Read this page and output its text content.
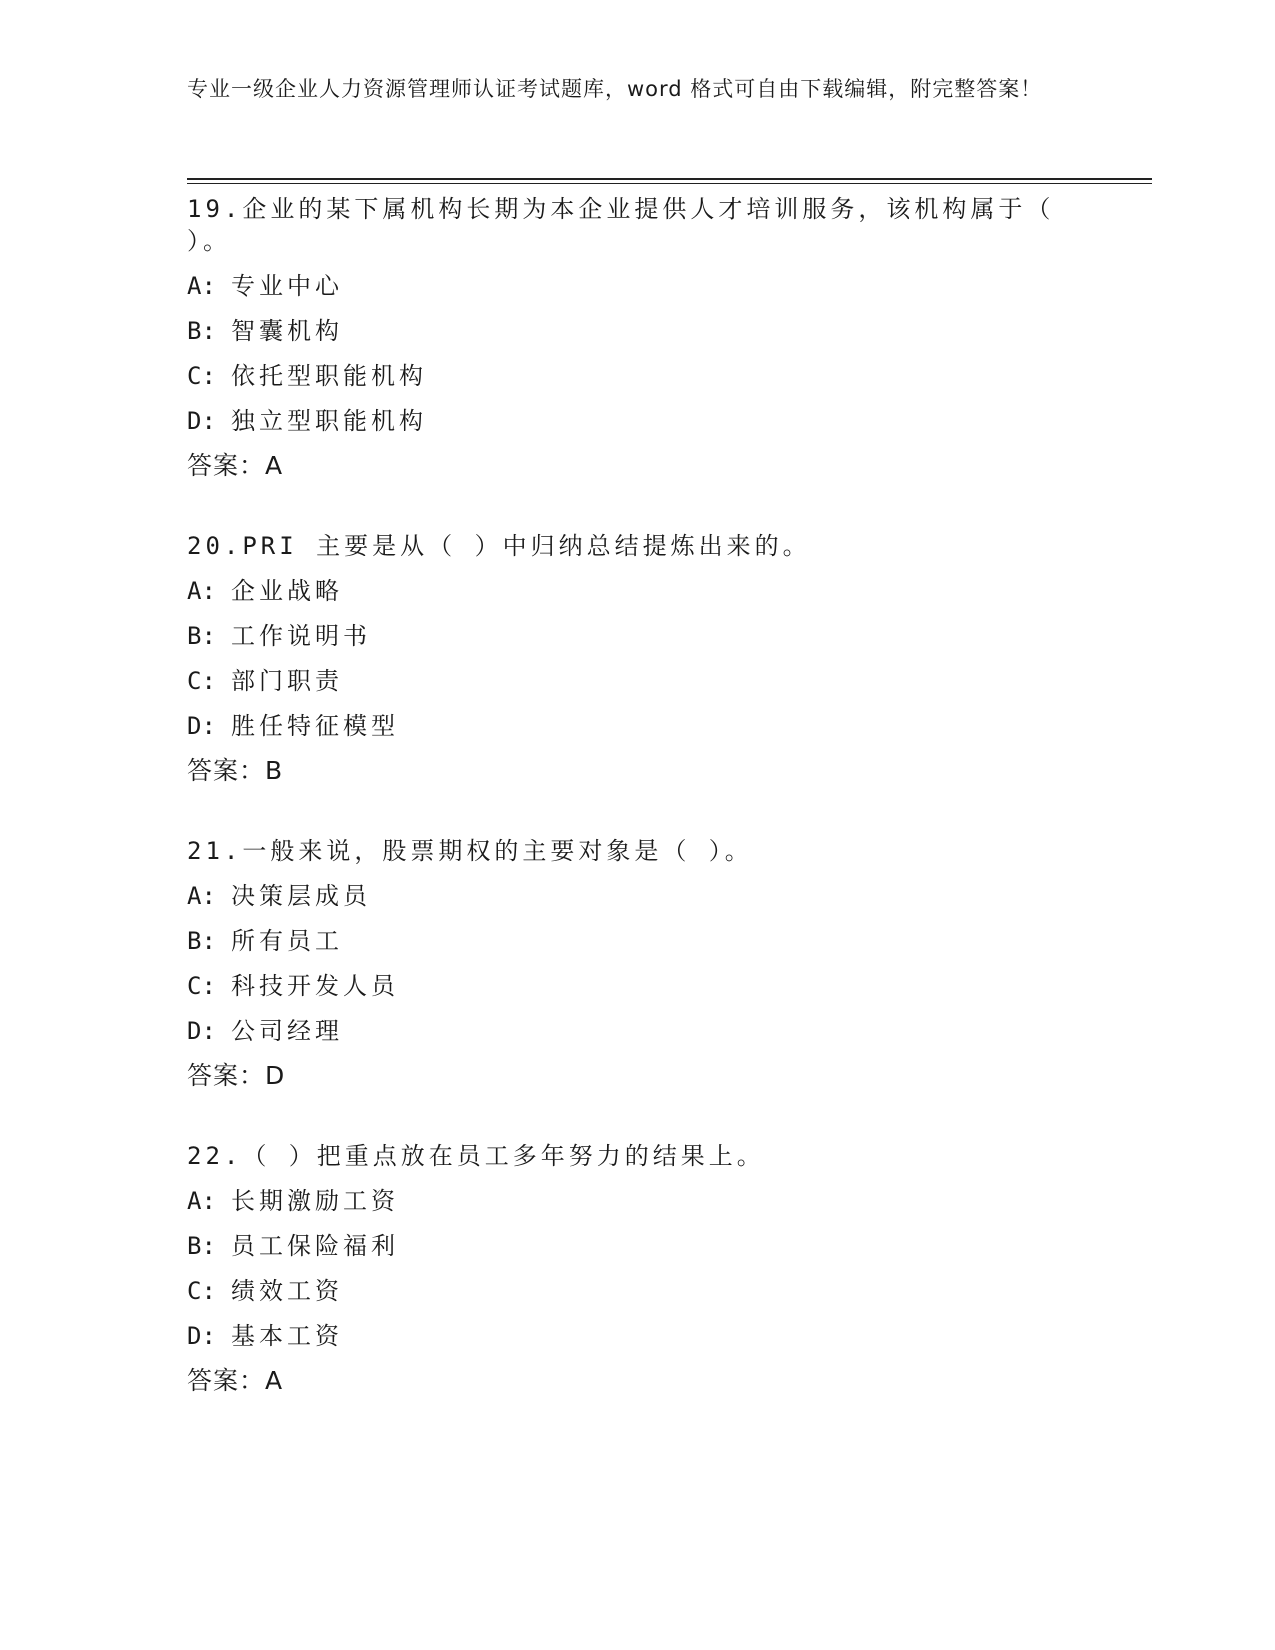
专业一级企业人力资源管理师认证考试题库，word 格式可自由下载编辑，附完整答案！
19.企业的某下属机构长期为本企业提供人才培训服务，该机构属于（ ）。
A: 专业中心
B: 智囊机构
C: 依托型职能机构
D: 独立型职能机构
答案：A
20.PRI 主要是从（ ）中归纳总结提炼出来的。
A: 企业战略
B: 工作说明书
C: 部门职责
D: 胜任特征模型
答案：B
21.一般来说，股票期权的主要对象是（ ）。
A: 决策层成员
B: 所有员工
C: 科技开发人员
D: 公司经理
答案：D
22.（ ）把重点放在员工多年努力的结果上。
A: 长期激励工资
B: 员工保险福利
C: 绩效工资
D: 基本工资
答案：A
